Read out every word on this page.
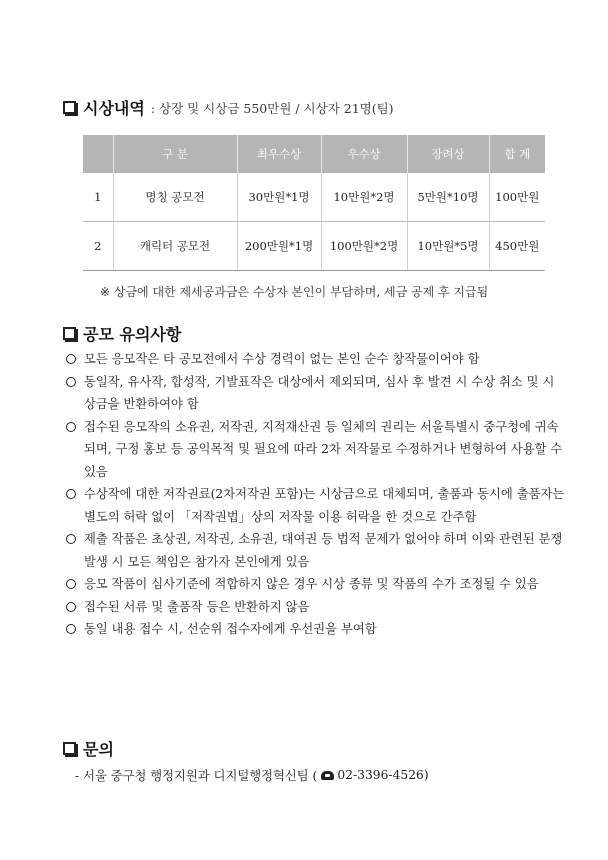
시상내역 : 상장 및 시상금 550만원 / 시상자 21명(팀)
	구 분	최우수상	우수상	장려상	합 계
1	명칭 공모전	30만원*1명	10만원*2명	5만원*10명	100만원
2	캐릭터 공모전	200만원*1명	100만원*2명	10만원*5명	450만원
※ 상금에 대한 제세공과금은 수상자 본인이 부담하며, 세금 공제 후 지급됨
공모 유의사항
모든 응모작은 타 공모전에서 수상 경력이 없는 본인 순수 창작물이어야 함
동일작, 유사작, 합성작, 기발표작은 대상에서 제외되며, 심사 후 발견 시 수상 취소 및 시상금을 반환하여야 함
접수된 응모작의 소유권, 저작권, 지적재산권 등 일체의 권리는 서울특별시 중구청에 귀속되며, 구정 홍보 등 공익목적 및 필요에 따라 2차 저작물로 수정하거나 변형하여 사용할 수 있음
수상작에 대한 저작권료(2차저작권 포함)는 시상금으로 대체되며, 출품과 동시에 출품자는 별도의 허락 없이 「저작권법」상의 저작물 이용 허락을 한 것으로 간주함
제출 작품은 초상권, 저작권, 소유권, 대여권 등 법적 문제가 없어야 하며 이와 관련된 분쟁 발생 시 모든 책임은 참가자 본인에게 있음
응모 작품이 심사기준에 적합하지 않은 경우 시상 종류 및 작품의 수가 조정될 수 있음
접수된 서류 및 출품작 등은 반환하지 않음
동일 내용 접수 시, 선순위 접수자에게 우선권을 부여함
문의
- 서울 중구청 행정지원과 디지털행정혁신팀 ( 02-3396-4526)
